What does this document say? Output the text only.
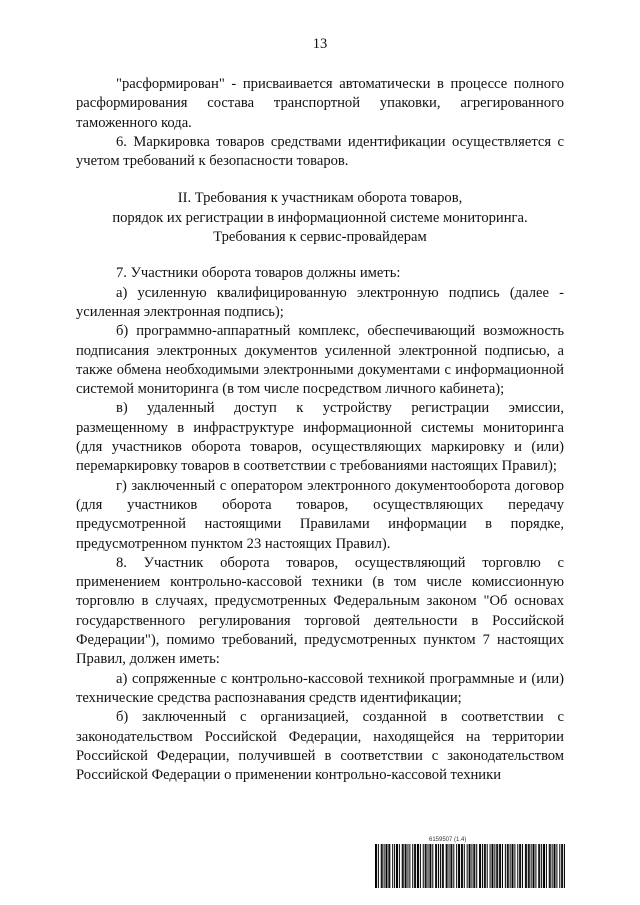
13

"расформирован" - присваивается автоматически в процессе полного расформирования состава транспортной упаковки, агрегированного таможенного кода.

6. Маркировка товаров средствами идентификации осуществляется с учетом требований к безопасности товаров.

II. Требования к участникам оборота товаров,

порядок их регистрации в информационной системе мониторинга.

Требования к сервис-провайдерам

7. Участники оборота товаров должны иметь:

а) усиленную квалифицированную электронную подпись (далее - усиленная электронная подпись);

б) программно-аппаратный комплекс, обеспечивающий возможность подписания электронных документов усиленной электронной подписью, а также обмена необходимыми электронными документами с информационной системой мониторинга (в том числе посредством личного кабинета);

в) удаленный доступ к устройству регистрации эмиссии, размещенному в инфраструктуре информационной системы мониторинга (для участников оборота товаров, осуществляющих маркировку и (или) перемаркировку товаров в соответствии с требованиями настоящих Правил);

г) заключенный с оператором электронного документооборота договор (для участников оборота товаров, осуществляющих передачу предусмотренной настоящими Правилами информации в порядке, предусмотренном пунктом 23 настоящих Правил).

8. Участник оборота товаров, осуществляющий торговлю с применением контрольно-кассовой техники (в том числе комиссионную торговлю в случаях, предусмотренных Федеральным законом "Об основах государственного регулирования торговой деятельности в Российской Федерации"), помимо требований, предусмотренных пунктом 7 настоящих Правил, должен иметь:

а) сопряженные с контрольно-кассовой техникой программные и (или) технические средства распознавания средств идентификации;

б) заключенный с организацией, созданной в соответствии с законодательством Российской Федерации, находящейся на территории Российской Федерации, получившей в соответствии с законодательством Российской Федерации о применении контрольно-кассовой техники

6159507 (1.4)
